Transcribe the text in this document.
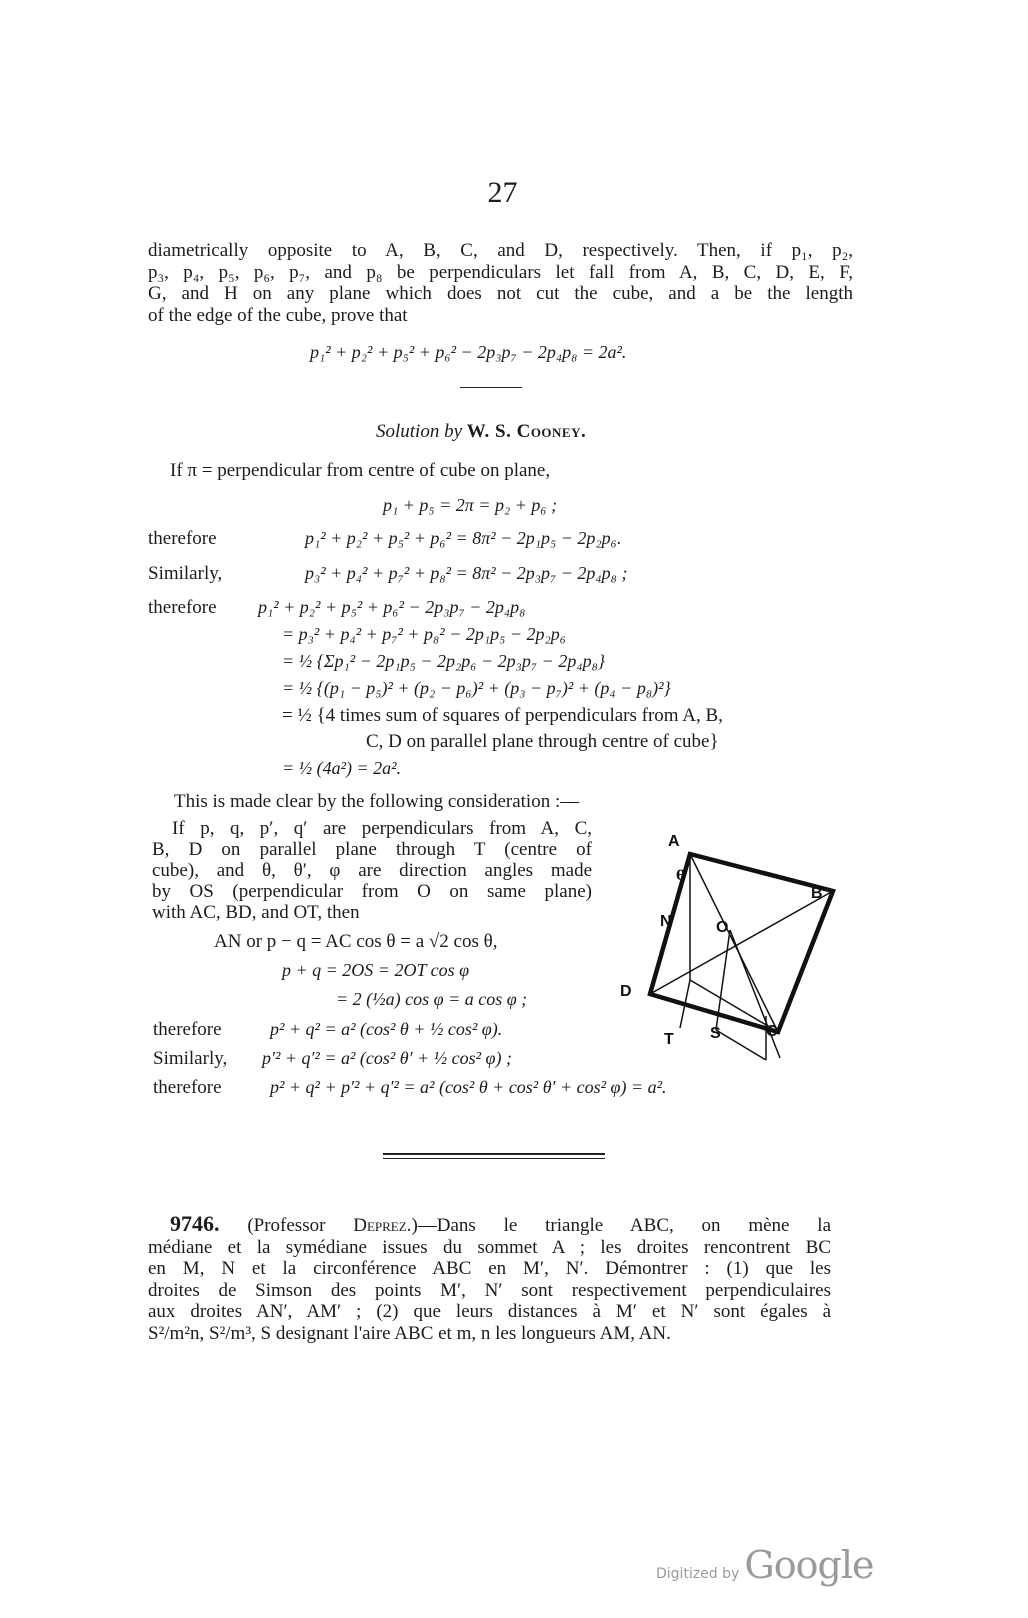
27
diametrically opposite to A, B, C, and D, respectively. Then, if p₁, p₂,
p₃, p₄, p₅, p₆, p₇, and p₈ be perpendiculars let fall from A, B, C, D, E, F,
G, and H on any plane which does not cut the cube, and a be the length
of the edge of the cube, prove that
p₁² + p₂² + p₅² + p₆² − 2p₃p₇ − 2p₄p₈ = 2a².
Solution by W. S. Cooney.
If π = perpendicular from centre of cube on plane,
p₁ + p₅ = 2π = p₂ + p₆ ;
therefore	p₁² + p₂² + p₅² + p₆² = 8π² − 2p₁p₅ − 2p₂p₆.
Similarly,	p₃² + p₄² + p₇² + p₈² = 8π² − 2p₃p₇ − 2p₄p₈ ;
therefore p₁² + p₂² + p₅² + p₆² − 2p₃p₇ − 2p₄p₈
= p₃² + p₄² + p₇² + p₈² − 2p₁p₅ − 2p₂p₆
= ½ {Σp₁² − 2p₁p₅ − 2p₂p₆ − 2p₃p₇ − 2p₄p₈}
= ½ {(p₁ − p₅)² + (p₂ − p₆)² + (p₃ − p₇)² + (p₄ − p₈)²}
= ½ {4 times sum of squares of perpendiculars from A, B,
C, D on parallel plane through centre of cube}
= ½ (4a²) = 2a².
This is made clear by the following consideration :—
If p, q, p′, q′ are perpendiculars from A, C,
B, D on parallel plane through T (centre of
cube), and θ, θ′, φ are direction angles made
by OS (perpendicular from O on same plane)
with AC, BD, and OT, then
AN or p − q = AC cos θ = a √2 cos θ,
p + q = 2OS = 2OT cos φ
= 2 (½a) cos φ = a cos φ ;
therefore	p² + q² = a² (cos² θ + ½ cos² φ).
Similarly, p′² + q′² = a² (cos² θ′ + ½ cos² φ) ;
therefore	p² + q² + p′² + q′² = a² (cos² θ + cos² θ′ + cos² φ) = a².
A
B
C
D
N	O
T S
θ
9746. (Professor Deprez.)—Dans le triangle ABC, on mène la
médiane et la symédiane issues du sommet A ; les droites rencontrent BC
en M, N et la circonférence ABC en M′, N′. Démontrer : (1) que les
droites de Simson des points M′, N′ sont respectivement perpendiculaires
aux droites AN′, AM′ ; (2) que leurs distances à M′ et N′ sont égales à
S²/m²n, S²/m³, S designant l'aire ABC et m, n les longueurs AM, AN.
Digitized by Google
